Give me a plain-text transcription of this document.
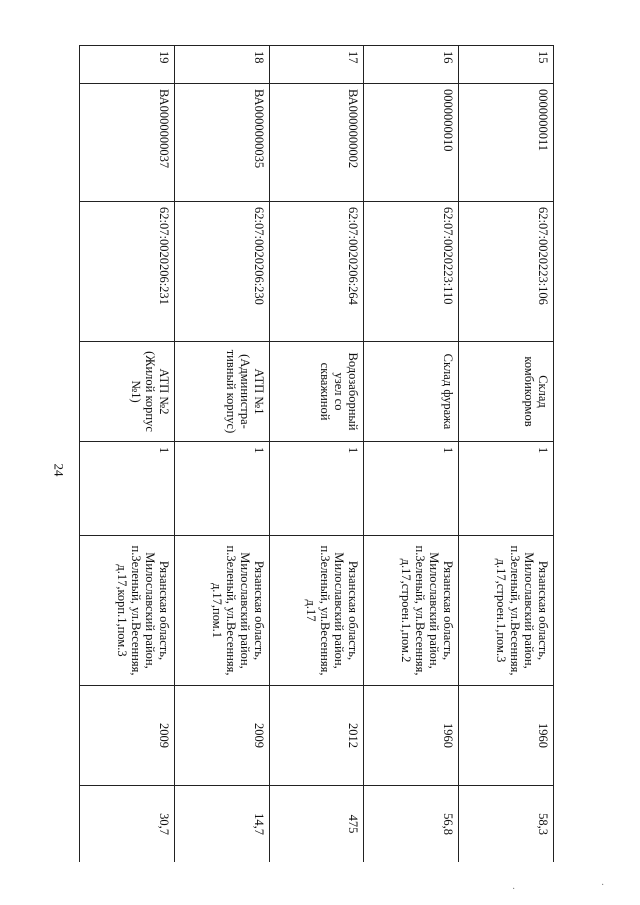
24
15	0000000011	62:07:0020223:106	Склад комбикормов	1	Рязанская область, Милославский район, п.Зеленый, ул.Весенняя, д.17,строен.1,пом.3	1960	58,3
16	0000000010	62:07:0020223:110	Склад фуража	1	Рязанская область, Милославский район, п.Зеленый, ул.Весенняя, д.17,строен.1,пом.2	1960	56,8
17	ВА0000000002	62:07:0020206:264	Водозаборный узел со скважиной	1	Рязанская область, Милославский район, п.Зеленый, ул.Весенняя, д.17	2012	475
18	ВА0000000035	62:07:0020206:230	АТП №1 (Администра-тивный корпус)	1	Рязанская область, Милославский район, п.Зеленый, ул.Весенняя, д.17,пом.1	2009	14,7
19	ВА0000000037	62:07:0020206:231	АТП №2 (Жилой корпус №1)	1	Рязанская область, Милославский район, п.Зеленый, ул.Весенняя, д.17,корп.1,пом.3	2009	30,7
·	·
